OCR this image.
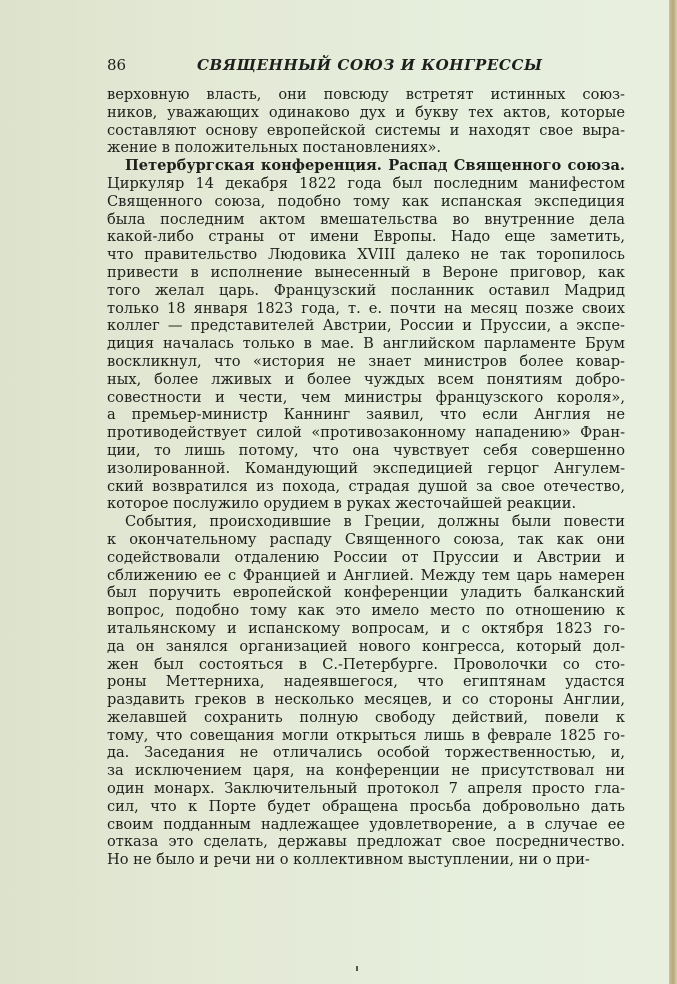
86	СВЯЩЕННЫЙ СОЮЗ И КОНГРЕССЫ
верховную власть, они повсюду встретят истинных союз-
ников, уважающих одинаково дух и букву тех актов, которые
составляют основу европейской системы и находят свое выра-
жение в положительных постановлениях».
Петербургская конференция. Распад Священного союза.
Циркуляр 14 декабря 1822 года был последним манифестом
Священного союза, подобно тому как испанская экспедиция
была последним актом вмешательства во внутренние дела
какой-либо страны от имени Европы. Надо еще заметить,
что правительство Людовика XVIII далеко не так торопилось
привести в исполнение вынесенный в Вероне приговор, как
того желал царь. Французский посланник оставил Мадрид
только 18 января 1823 года, т. е. почти на месяц позже своих
коллег — представителей Австрии, России и Пруссии, а экспе-
диция началась только в мае. В английском парламенте Брум
воскликнул, что «история не знает министров более ковар-
ных, более лживых и более чуждых всем понятиям добро-
совестности и чести, чем министры французского короля»,
а премьер-министр Каннинг заявил, что если Англия не
противодействует силой «противозаконному нападению» Фран-
ции, то лишь потому, что она чувствует себя совершенно
изолированной. Командующий экспедицией герцог Ангулем-
ский возвратился из похода, страдая душой за свое отечество,
которое послужило орудием в руках жесточайшей реакции.
События, происходившие в Греции, должны были повести
к окончательному распаду Священного союза, так как они
содействовали отдалению России от Пруссии и Австрии и
сближению ее с Францией и Англией. Между тем царь намерен
был поручить европейской конференции уладить балканский
вопрос, подобно тому как это имело место по отношению к
итальянскому и испанскому вопросам, и с октября 1823 го-
да он занялся организацией нового конгресса, который дол-
жен был состояться в С.-Петербурге. Проволочки со сто-
роны Меттерниха, надеявшегося, что египтянам удастся
раздавить греков в несколько месяцев, и со стороны Англии,
желавшей сохранить полную свободу действий, повели к
тому, что совещания могли открыться лишь в феврале 1825 го-
да. Заседания не отличались особой торжественностью, и,
за исключением царя, на конференции не присутствовал ни
один монарх. Заключительный протокол 7 апреля просто гла-
сил, что к Порте будет обращена просьба добровольно дать
своим подданным надлежащее удовлетворение, а в случае ее
отказа это сделать, державы предложат свое посредничество.
Но не было и речи ни о коллективном выступлении, ни о при-
